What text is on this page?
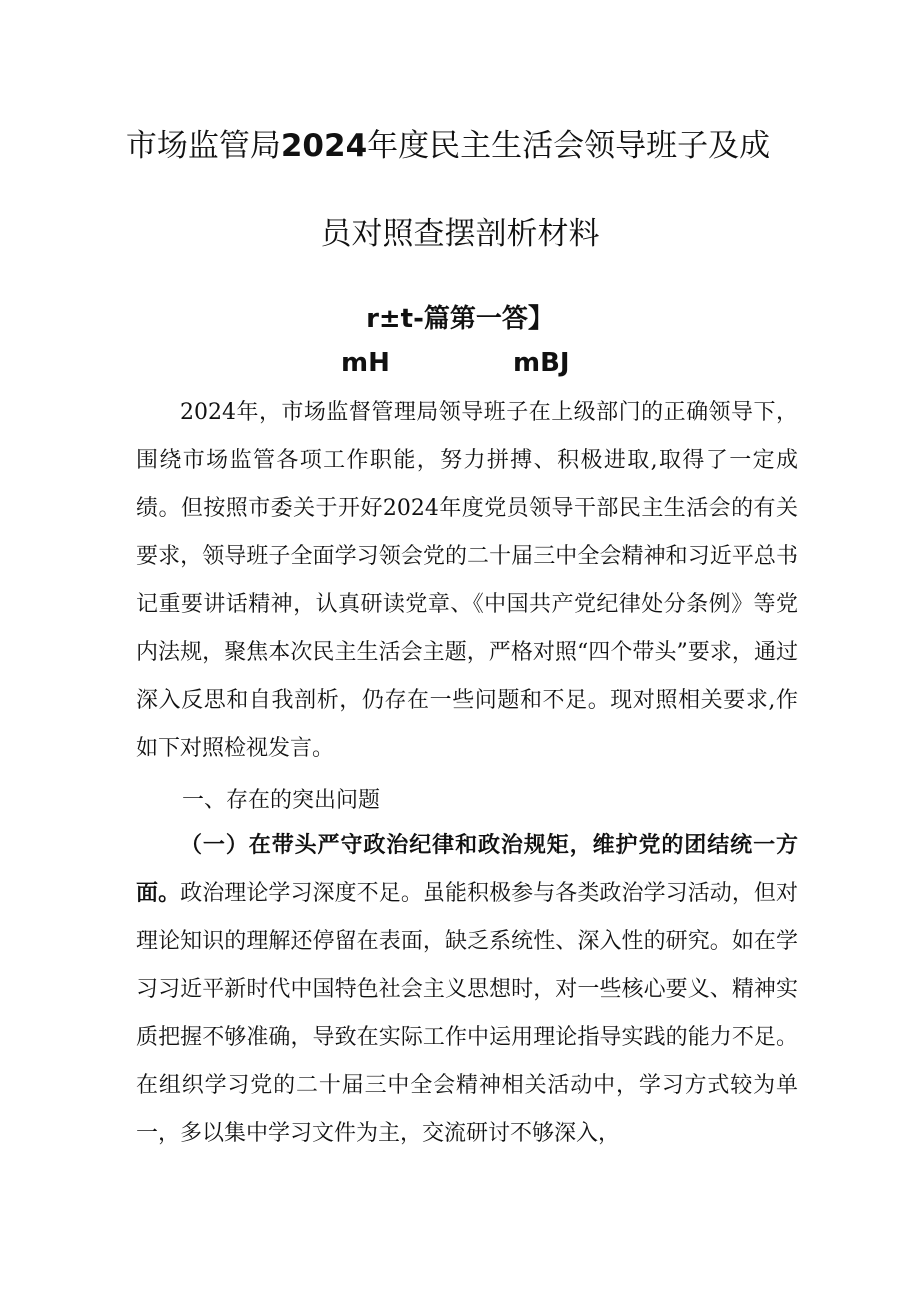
市场监管局2024年度民主生活会领导班子及成
员对照查摆剖析材料
r±t-篇第一答】
mH	mBJ

2024年，市场监督管理局领导班子在上级部门的正确领导下，围绕市场监管各项工作职能，努力拼搏、积极进取,取得了一定成绩。但按照市委关于开好2024年度党员领导干部民主生活会的有关要求，领导班子全面学习领会党的二十届三中全会精神和习近平总书记重要讲话精神，认真研读党章、《中国共产党纪律处分条例》等党内法规，聚焦本次民主生活会主题，严格对照“四个带头”要求，通过深入反思和自我剖析，仍存在一些问题和不足。现对照相关要求,作如下对照检视发言。

一、存在的突出问题

（一）在带头严守政治纪律和政治规矩，维护党的团结统一方面。政治理论学习深度不足。虽能积极参与各类政治学习活动，但对理论知识的理解还停留在表面，缺乏系统性、深入性的研究。如在学习习近平新时代中国特色社会主义思想时，对一些核心要义、精神实质把握不够准确，导致在实际工作中运用理论指导实践的能力不足。在组织学习党的二十届三中全会精神相关活动中，学习方式较为单一，多以集中学习文件为主，交流研讨不够深入，
